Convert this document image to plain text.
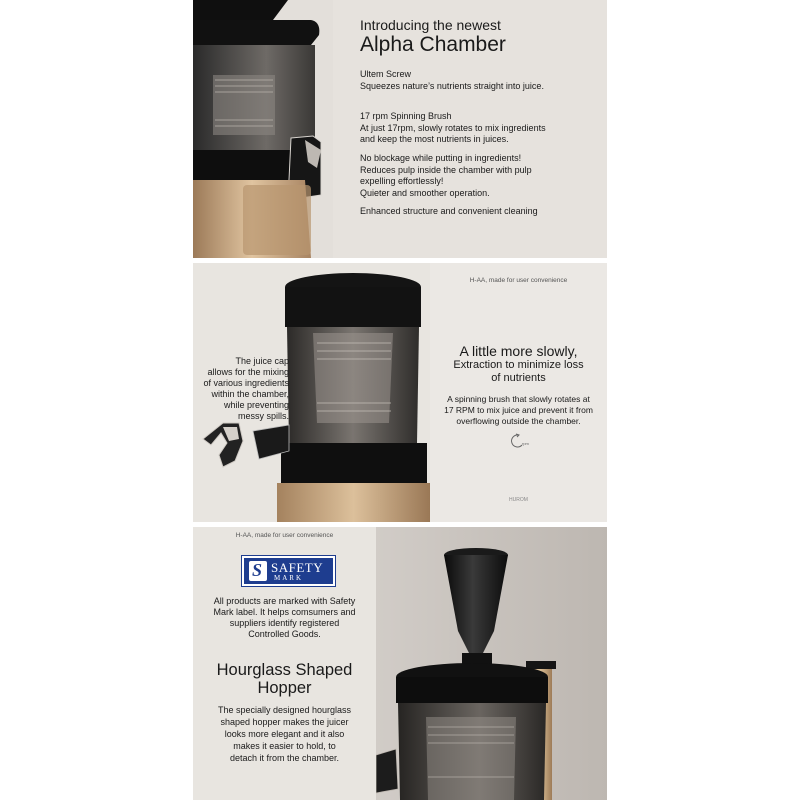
Introducing the newest
Alpha Chamber
Ultem Screw
Squeezes nature’s nutrients straight into juice.
17 rpm Spinning Brush
At just 17rpm, slowly rotates to mix ingredients
and keep the most nutrients in juices.
No blockage while putting in ingredients!
Reduces pulp inside the chamber with pulp
expelling effortlessly!
Quieter and smoother operation.
Enhanced structure and convenient cleaning
The juice cap
allows for the mixing
of various ingredients
within the chamber,
while preventing
messy spills.
H-AA, made for user convenience
A little more slowly,
Extraction to minimize loss
of nutrients
A spinning brush that slowly rotates at
17 RPM to mix juice and prevent it from
overflowing outside the chamber.
rpm
HUROM
H-AA, made for user convenience
S
SAFETY
MARK
All products are marked with Safety
Mark label. It helps comsumers and
suppliers identify registered
Controlled Goods.
Hourglass Shaped
Hopper
The specially designed hourglass
shaped hopper makes the juicer
looks more elegant and it also
makes it easier to hold, to
detach it from the chamber.
